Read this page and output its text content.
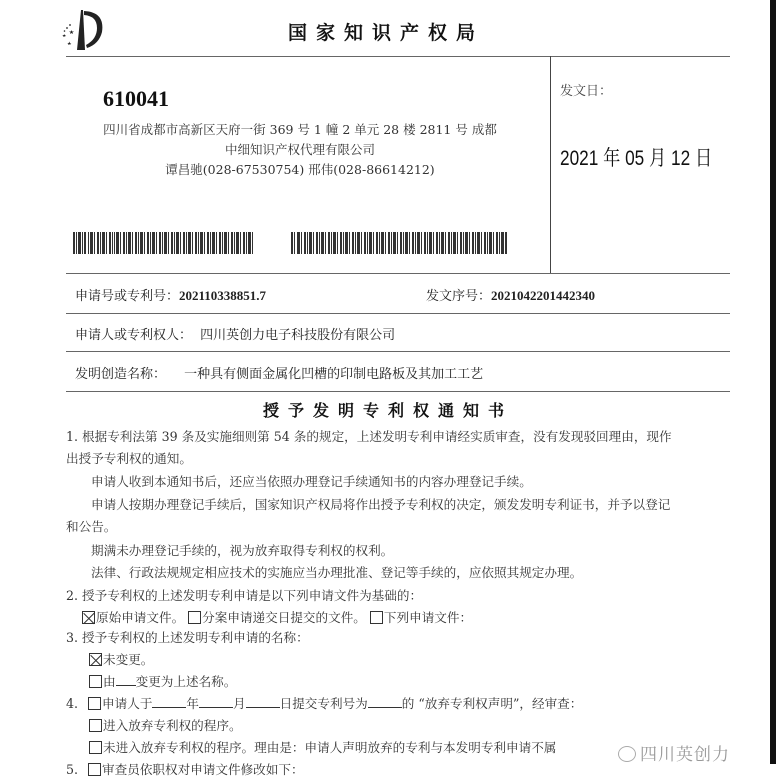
国家知识产权局
610041
四川省成都市高新区天府一街 369 号 1 幢 2 单元 28 楼 2811 号 成都
中细知识产权代理有限公司
谭昌驰(028-67530754) 邢伟(028-86614212)
发文日：
2021 年 05 月 12 日
申请号或专利号：202110338851.7	发文序号：2021042201442340
申请人或专利权人： 四川英创力电子科技股份有限公司
发明创造名称： 一种具有侧面金属化凹槽的印制电路板及其加工工艺
授予发明专利权通知书
1. 根据专利法第 39 条及实施细则第 54 条的规定，上述发明专利申请经实质审查，没有发现驳回理由，现作
出授予专利权的通知。
申请人收到本通知书后，还应当依照办理登记手续通知书的内容办理登记手续。
申请人按期办理登记手续后，国家知识产权局将作出授予专利权的决定，颁发发明专利证书，并予以登记
和公告。
期满未办理登记手续的，视为放弃取得专利权的权利。
法律、行政法规规定相应技术的实施应当办理批准、登记等手续的，应依照其规定办理。
2. 授予专利权的上述发明专利申请是以下列申请文件为基础的：
原始申请文件。 分案申请递交日提交的文件。 下列申请文件：
3. 授予专利权的上述发明专利申请的名称：
未变更。
由 变更为上述名称。
4. 申请人于	年	月	日提交专利号为	的 “放弃专利权声明”，经审查：
进入放弃专利权的程序。
未进入放弃专利权的程序。理由是：申请人声明放弃的专利与本发明专利申请不属
5. 审查员依职权对申请文件修改如下：
四川英创力
